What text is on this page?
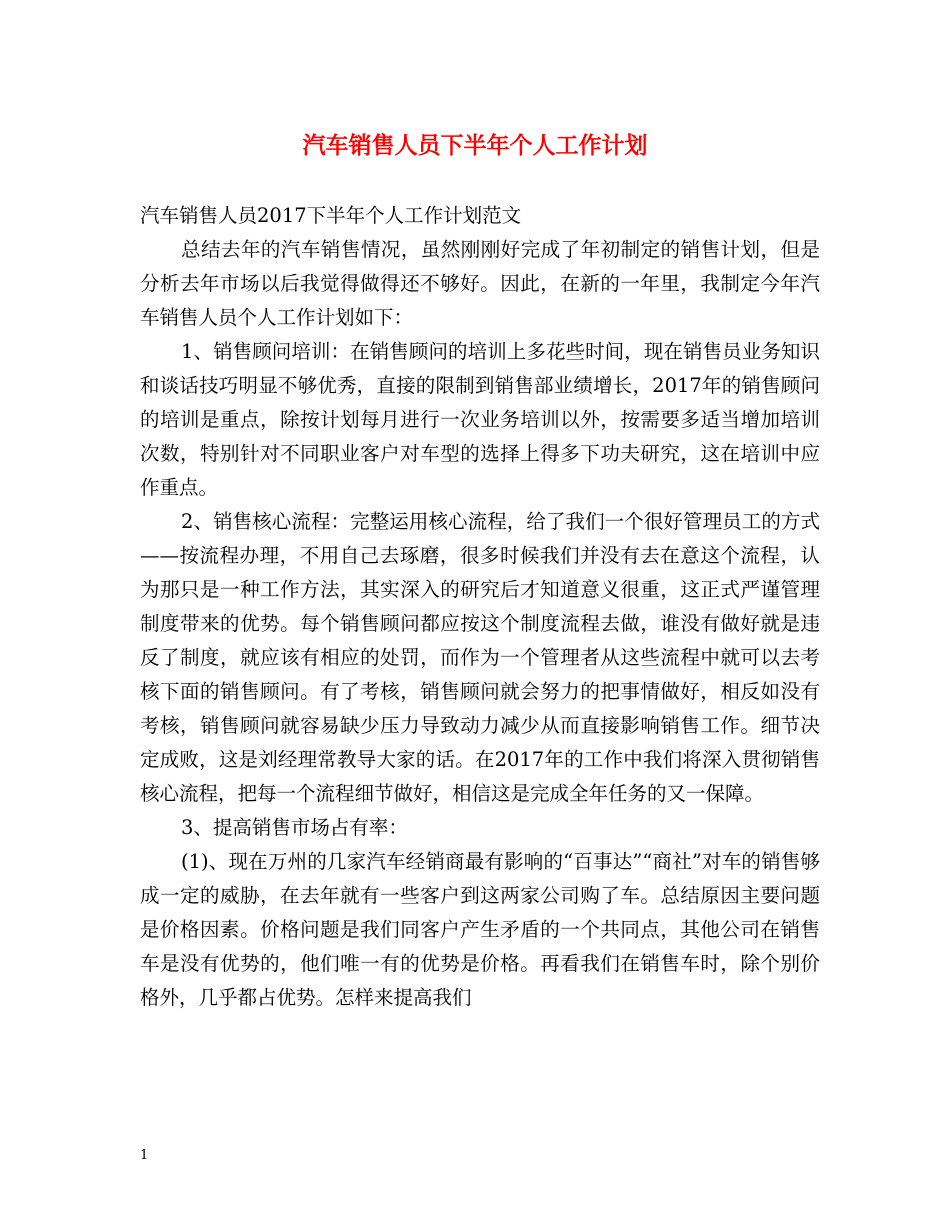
汽车销售人员下半年个人工作计划

汽车销售人员2017下半年个人工作计划范文

总结去年的汽车销售情况，虽然刚刚好完成了年初制定的销售计划，但是分析去年市场以后我觉得做得还不够好。因此，在新的一年里，我制定今年汽车销售人员个人工作计划如下：

1、销售顾问培训：在销售顾问的培训上多花些时间，现在销售员业务知识和谈话技巧明显不够优秀，直接的限制到销售部业绩增长，2017年的销售顾问的培训是重点，除按计划每月进行一次业务培训以外，按需要多适当增加培训次数，特别针对不同职业客户对车型的选择上得多下功夫研究，这在培训中应作重点。

2、销售核心流程：完整运用核心流程，给了我们一个很好管理员工的方式——按流程办理，不用自己去琢磨，很多时候我们并没有去在意这个流程，认为那只是一种工作方法，其实深入的研究后才知道意义很重，这正式严谨管理制度带来的优势。每个销售顾问都应按这个制度流程去做，谁没有做好就是违反了制度，就应该有相应的处罚，而作为一个管理者从这些流程中就可以去考核下面的销售顾问。有了考核，销售顾问就会努力的把事情做好，相反如没有考核，销售顾问就容易缺少压力导致动力减少从而直接影响销售工作。细节决定成败，这是刘经理常教导大家的话。在2017年的工作中我们将深入贯彻销售核心流程，把每一个流程细节做好，相信这是完成全年任务的又一保障。

3、提高销售市场占有率：

(1)、现在万州的几家汽车经销商最有影响的“百事达”“商社”对车的销售够成一定的威胁，在去年就有一些客户到这两家公司购了车。总结原因主要问题是价格因素。价格问题是我们同客户产生矛盾的一个共同点，其他公司在销售车是没有优势的，他们唯一有的优势是价格。再看我们在销售车时，除个别价格外，几乎都占优势。怎样来提高我们

1
